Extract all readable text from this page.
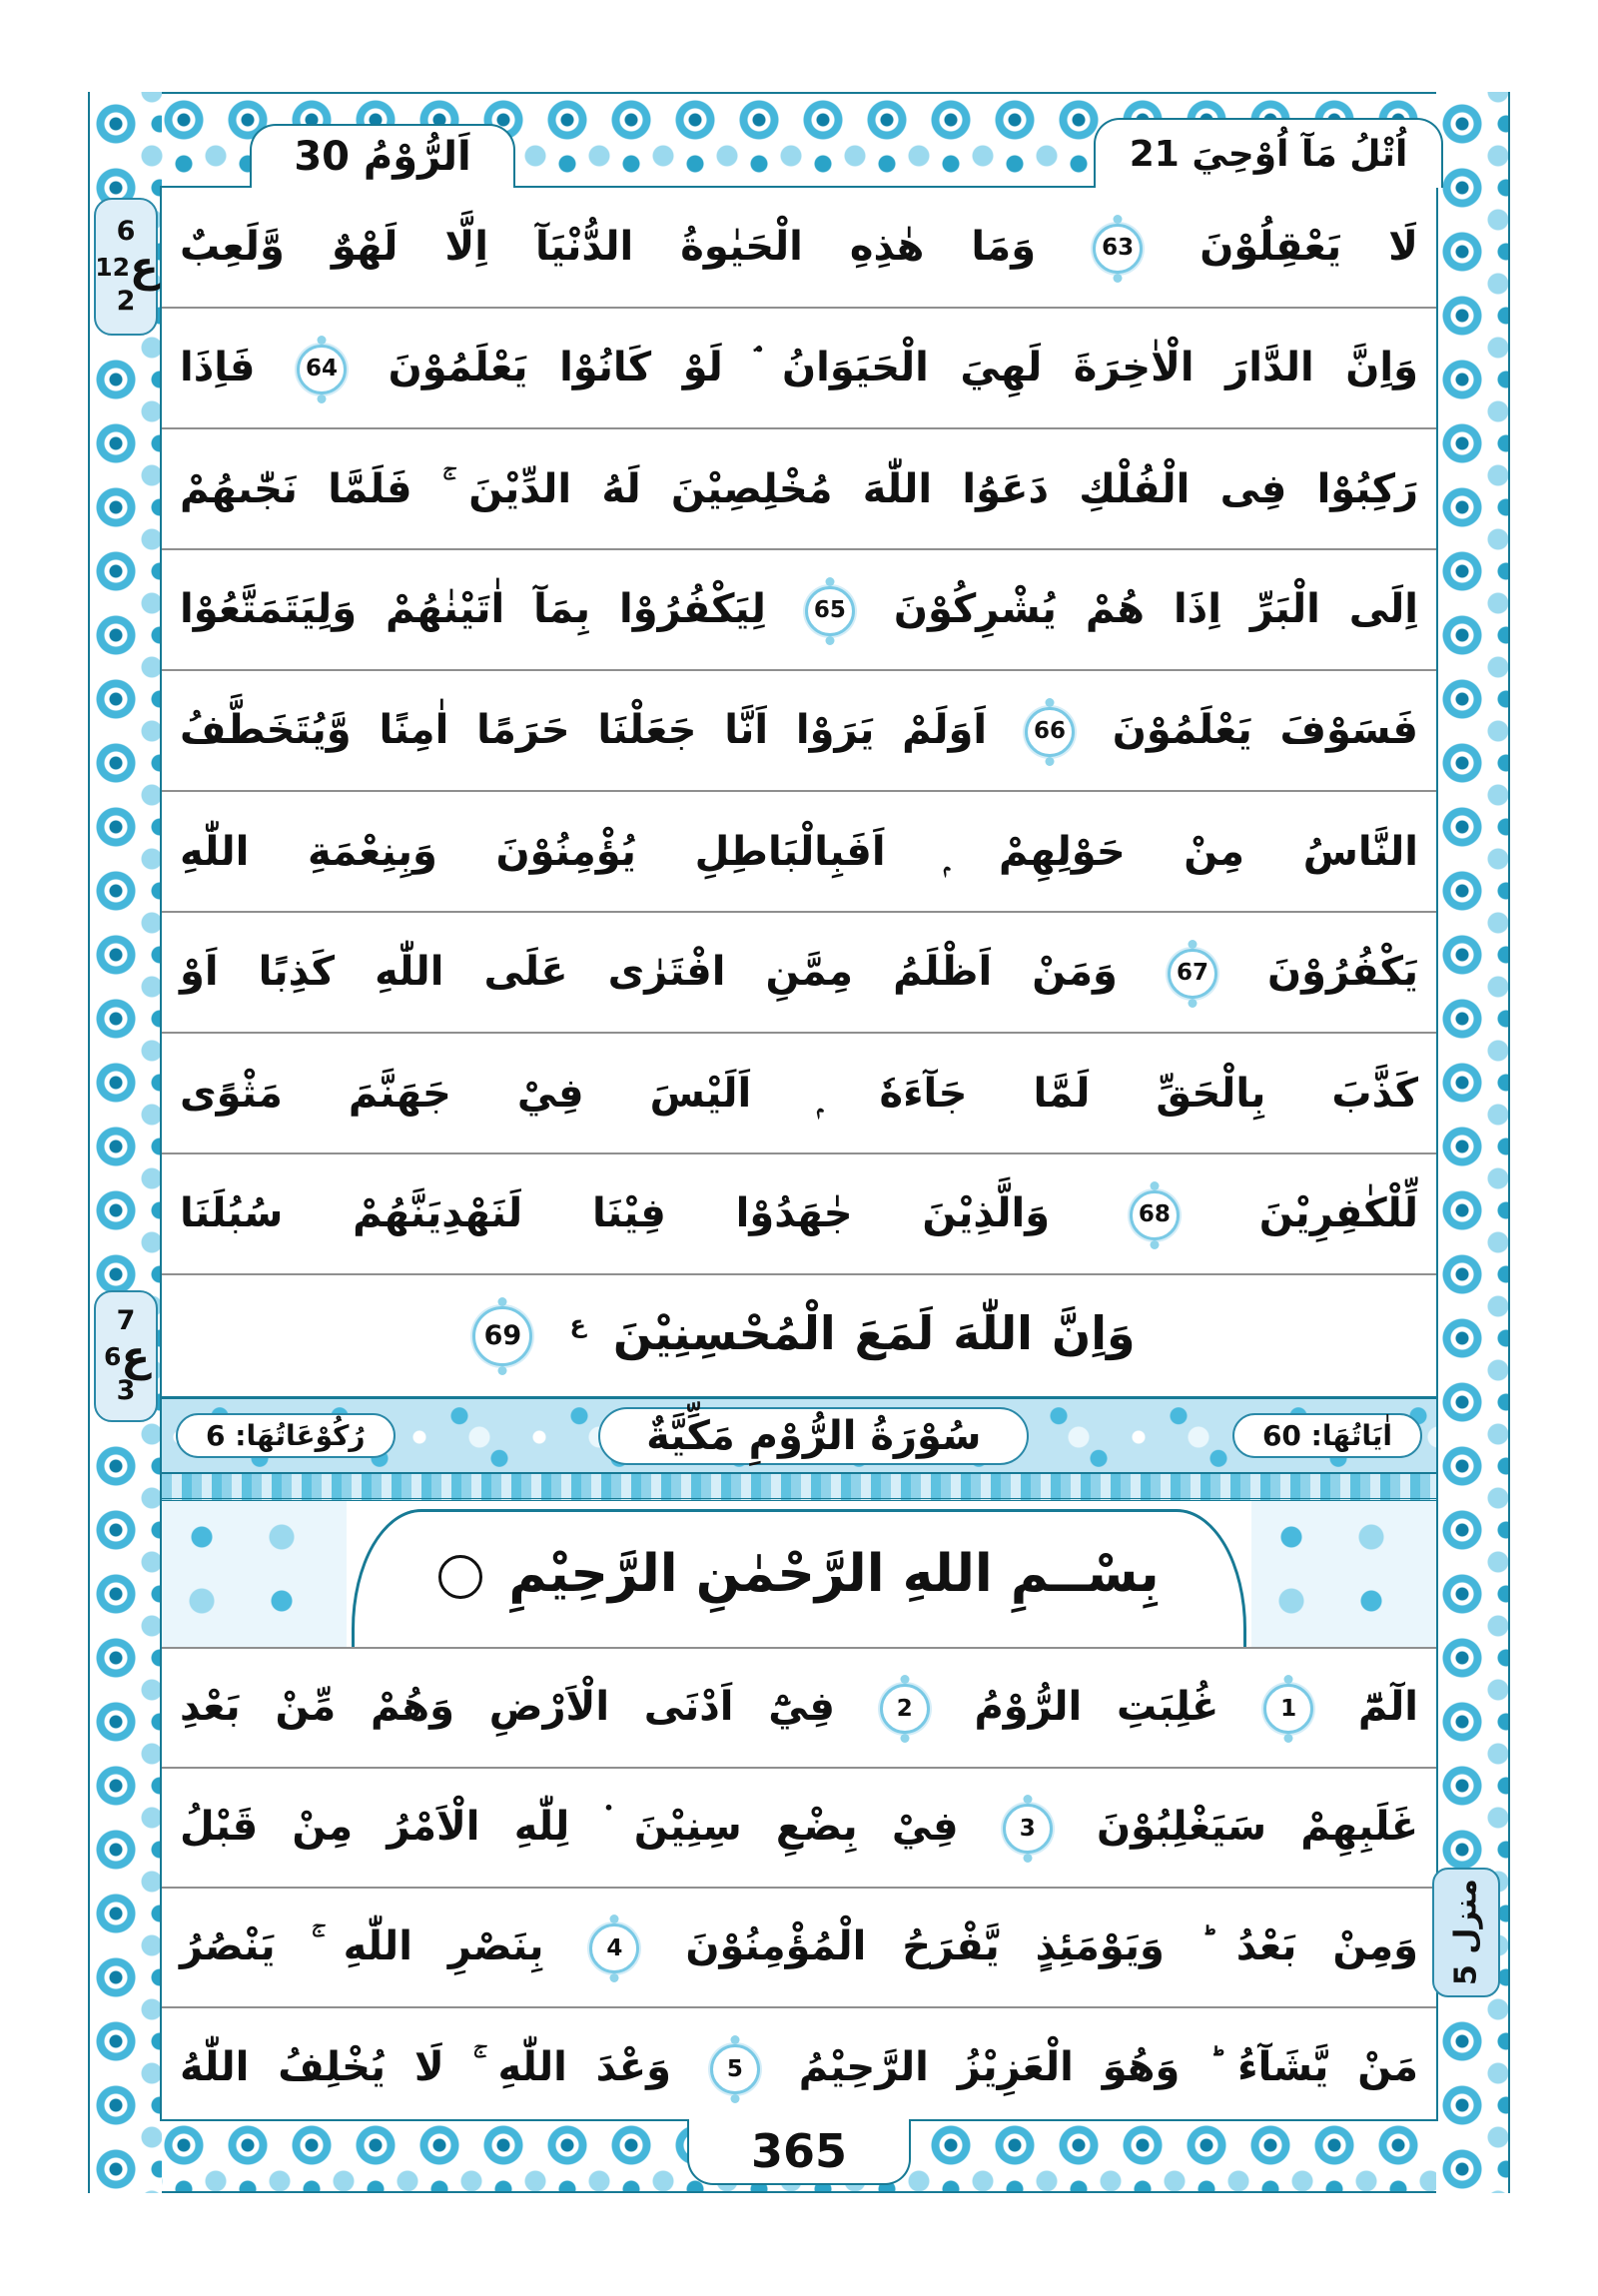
اَلرُّوْمُ 30	اُتْلُ مَآ اُوْحِيَ 21
لَا يَعْقِلُوْنَ 63 وَمَا هٰذِهِ الْحَيٰوةُ الدُّنْيَآ اِلَّا لَهْوٌ وَّلَعِبٌ
وَاِنَّ الدَّارَ الْاٰخِرَةَ لَهِيَ الْحَيَوَانُ ۘ لَوْ كَانُوْا يَعْلَمُوْنَ 64 فَاِذَا
رَكِبُوْا فِى الْفُلْكِ دَعَوُا اللّٰهَ مُخْلِصِيْنَ لَهُ الدِّيْنَ ۚ فَلَمَّا نَجّٰىهُمْ
اِلَى الْبَرِّ اِذَا هُمْ يُشْرِكُوْنَ 65 لِيَكْفُرُوْا بِمَآ اٰتَيْنٰهُمْ وَلِيَتَمَتَّعُوْا
فَسَوْفَ يَعْلَمُوْنَ 66 اَوَلَمْ يَرَوْا اَنَّا جَعَلْنَا حَرَمًا اٰمِنًا وَّيُتَخَطَّفُ
النَّاسُ مِنْ حَوْلِهِمْ ۭ اَفَبِالْبَاطِلِ يُؤْمِنُوْنَ وَبِنِعْمَةِ اللّٰهِ
يَكْفُرُوْنَ 67 وَمَنْ اَظْلَمُ مِمَّنِ افْتَرٰى عَلَى اللّٰهِ كَذِبًا اَوْ
كَذَّبَ بِالْحَقِّ لَمَّا جَآءَهٗ ۭ اَلَيْسَ فِيْ جَهَنَّمَ مَثْوًى
لِّلْكٰفِرِيْنَ 68 وَالَّذِيْنَ جٰهَدُوْا فِيْنَا لَنَهْدِيَنَّهُمْ سُبُلَنَا
وَاِنَّ اللّٰهَ لَمَعَ الْمُحْسِنِيْنَ $^ع$ 69
اٰيَاتُهَا: 60
سُوْرَةُ الرُّوْمِ مَكِّيَّةٌ
رُكُوْعَاتُهَا: 6
بِسْــمِ اللهِ الرَّحْمٰنِ الرَّحِيْمِ
الٓمّٓ 1 غُلِبَتِ الرُّوْمُ 2 فِيْٓ اَدْنَى الْاَرْضِ وَهُمْ مِّنْ بَعْدِ
غَلَبِهِمْ سَيَغْلِبُوْنَ 3 فِيْ بِضْعِ سِنِيْنَ ۬ لِلّٰهِ الْاَمْرُ مِنْ قَبْلُ
وَمِنْ بَعْدُ ؕ وَيَوْمَئِذٍ يَّفْرَحُ الْمُؤْمِنُوْنَ 4 بِنَصْرِ اللّٰهِ ۚ يَنْصُرُ
مَنْ يَّشَآءُ ؕ وَهُوَ الْعَزِيْزُ الرَّحِيْمُ 5 وَعْدَ اللّٰهِ ۚ لَا يُخْلِفُ اللّٰهُ
6
ع
12
2
7
ع
6
3
منزل 5
365
